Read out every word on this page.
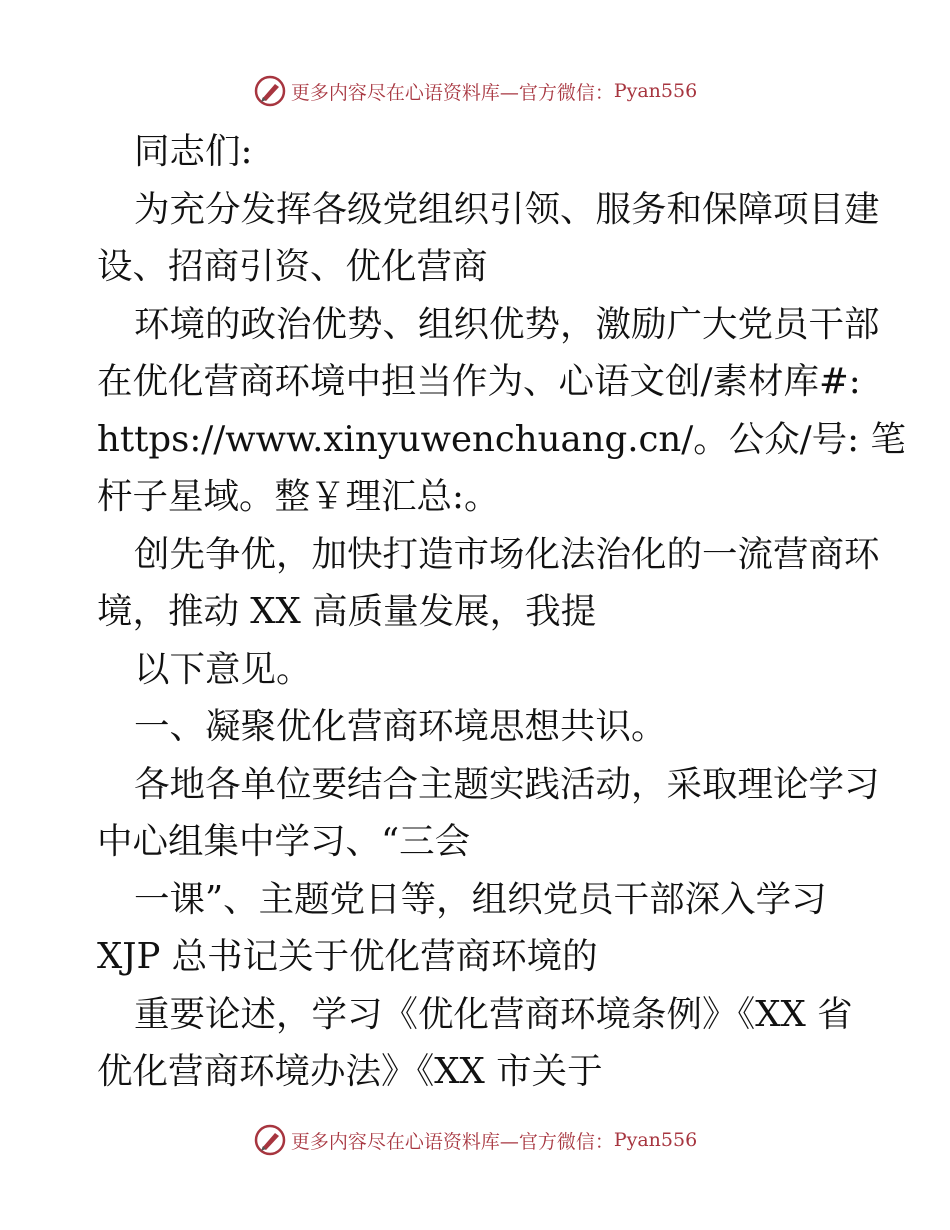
更多内容尽在心语资料库—官方微信： Pyan556
同志们:
为充分发挥各级党组织引领、服务和保障项目建
设、招商引资、优化营商
环境的政治优势、组织优势，激励广大党员干部
在优化营商环境中担当作为、心语文创/素材库#:
https://www.xinyuwenchuang.cn/。公众/号: 笔
杆子星域。整￥理汇总:。
创先争优，加快打造市场化法治化的一流营商环
境，推动 XX 高质量发展，我提
以下意见。
一、凝聚优化营商环境思想共识。
各地各单位要结合主题实践活动，采取理论学习
中心组集中学习、“三会
一课”、主题党日等，组织党员干部深入学习
XJP 总书记关于优化营商环境的
重要论述，学习《优化营商环境条例》《XX 省
优化营商环境办法》《XX 市关于
更多内容尽在心语资料库—官方微信： Pyan556
